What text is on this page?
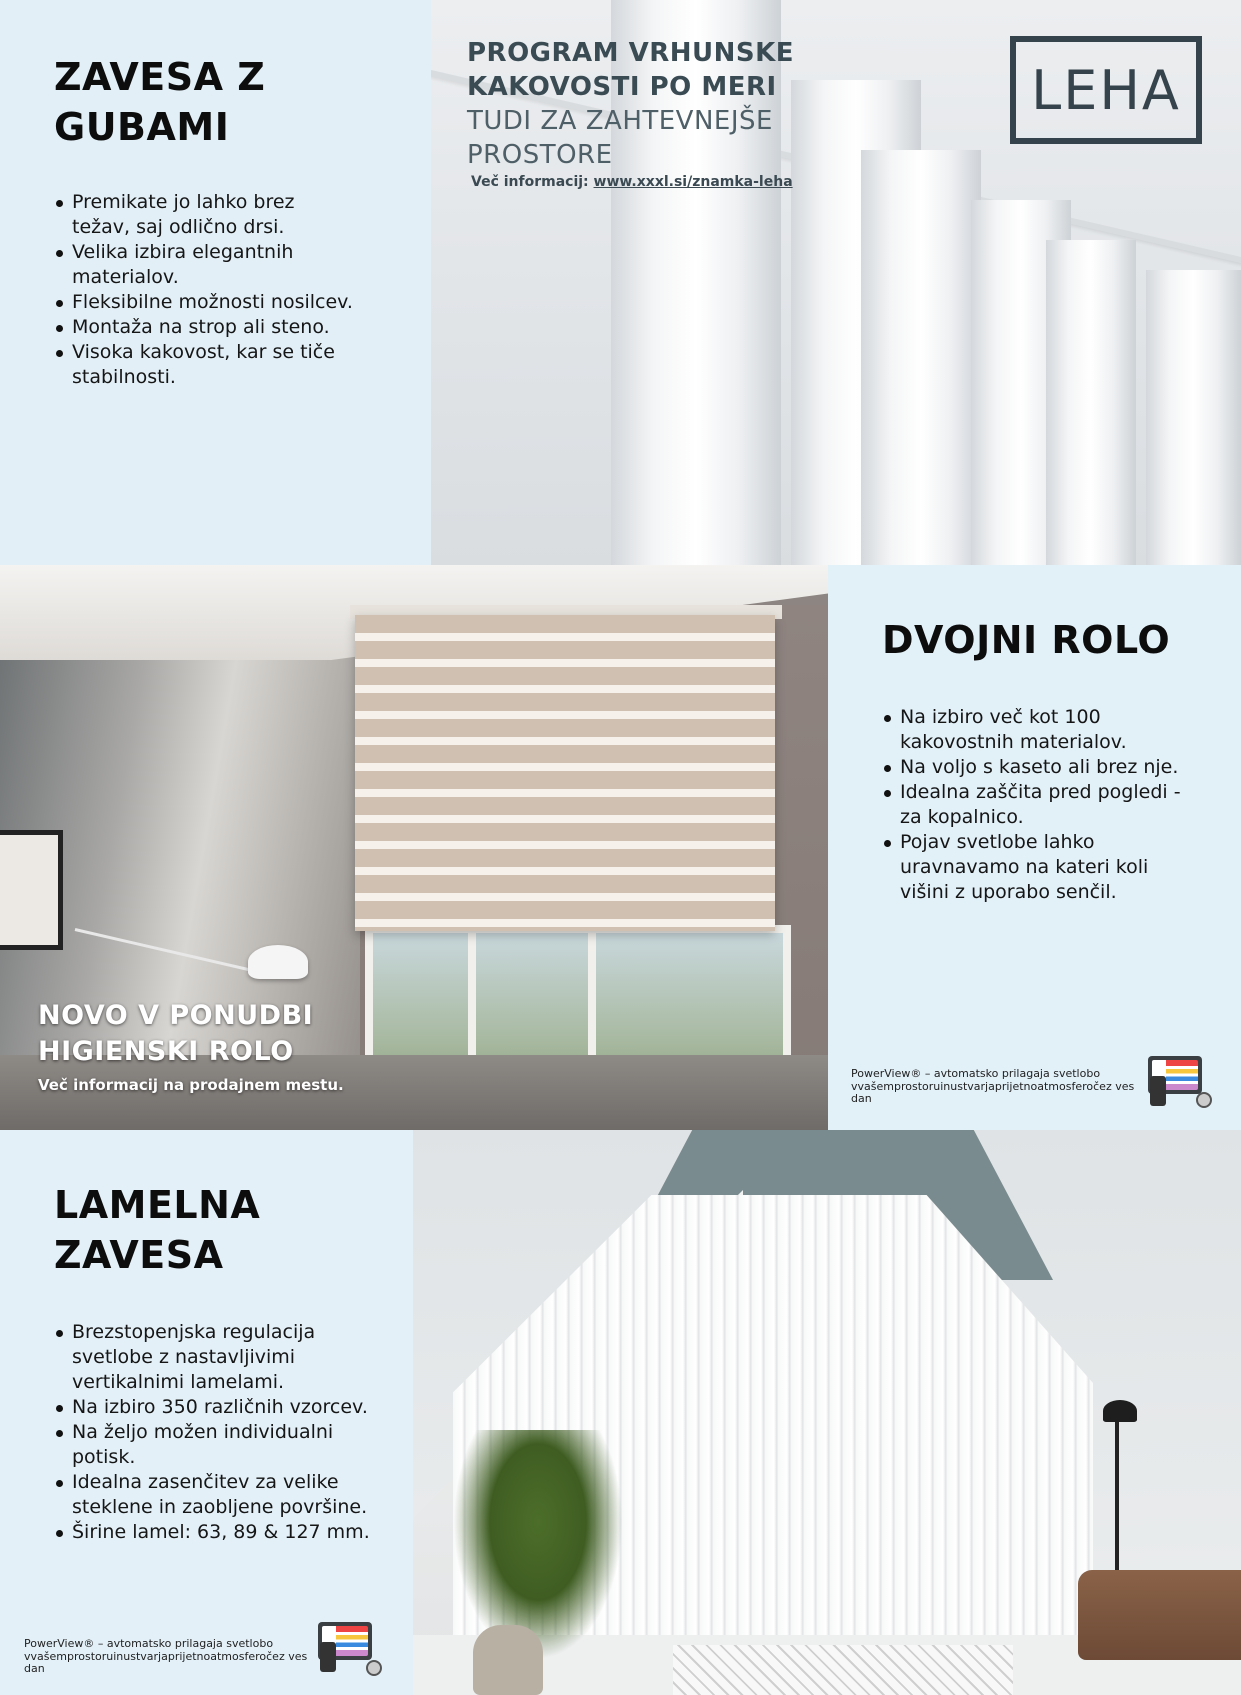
ZAVESA Z

GUBAMI

Premikate jo lahko brez težav, saj odlično drsi.
Velika izbira elegantnih materialov.
Fleksibilne možnosti nosilcev.
Montaža na strop ali steno.
Visoka kakovost, kar se tiče stabilnosti.
PROGRAM VRHUNSKE
KAKOVOSTI PO MERI
TUDI ZA ZAHTEVNEJŠE
PROSTORE
Več informacij: www.xxxl.si/znamka-leha
LEHA

DVOJNI ROLO

Na izbiro več kot 100 kakovostnih materialov.
Na voljo s kaseto ali brez nje.
Idealna zaščita pred pogledi - za kopalnico.
Pojav svetlobe lahko uravnavamo na kateri koli višini z uporabo senčil.
NOVO V PONUDBI
HIGIENSKI ROLO
Več informacij na prodajnem mestu.
PowerView® – avtomatsko prilagaja svetlobo vvašemprostoruinustvarjaprijetnoatmosferočez ves dan

LAMELNA

ZAVESA

Brezstopenjska regulacija svetlobe z nastavljivimi vertikalnimi lamelami.
Na izbiro 350 različnih vzorcev.
Na željo možen individualni potisk.
Idealna zasenčitev za velike steklene in zaobljene površine.
Širine lamel: 63, 89 & 127 mm.
PowerView® – avtomatsko prilagaja svetlobo vvašemprostoruinustvarjaprijetnoatmosferočez ves dan
